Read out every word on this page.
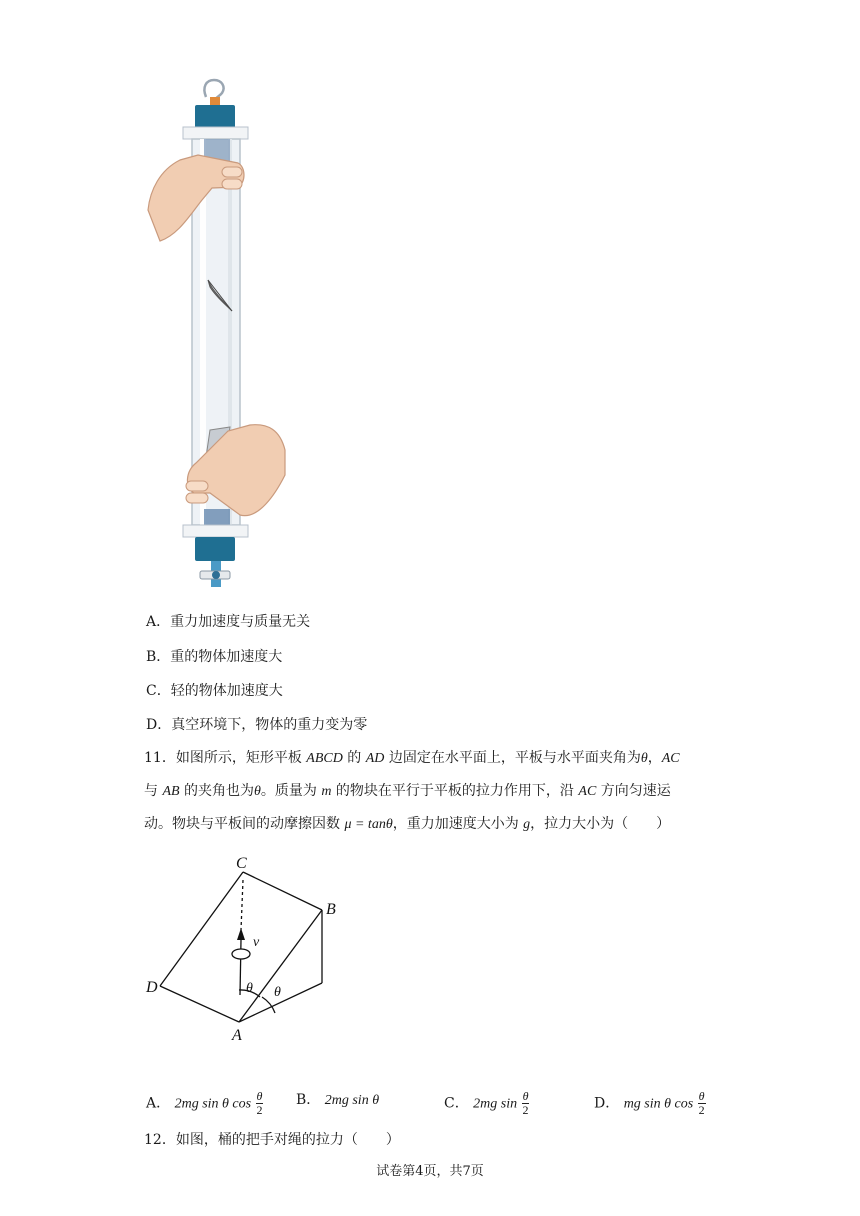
A．重力加速度与质量无关
B．重的物体加速度大
C．轻的物体加速度大
D．真空环境下，物体的重力变为零
11．如图所示，矩形平板 ABCD 的 AD 边固定在水平面上，平板与水平面夹角为θ，AC
与 AB 的夹角也为θ。质量为 m 的物块在平行于平板的拉力作用下，沿 AC 方向匀速运
动。物块与平板间的动摩擦因数 μ = tanθ，重力加速度大小为 g，拉力大小为（　　）
C
B
D
A
v
θ θ
A． 2mg sin θ $\cos \frac{\theta}{2}$ B． 2mg sin θ	C． 2mg $\sin \frac{\theta}{2}$	D． mg sin θ $\cos \frac{\theta}{2}$
12．如图，桶的把手对绳的拉力（　　）
试卷第4页，共7页
